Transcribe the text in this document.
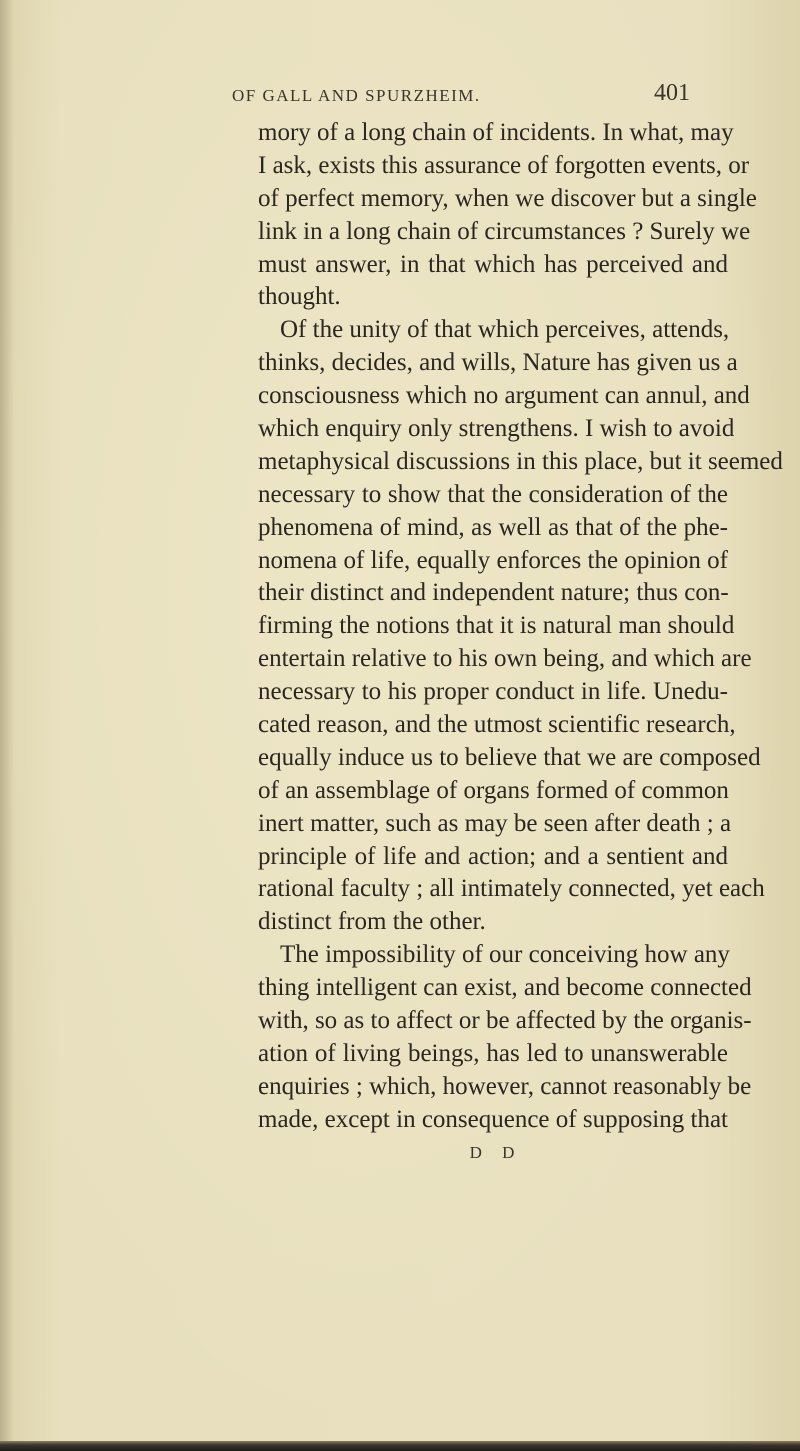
OF GALL AND SPURZHEIM.	401
mory of a long chain of incidents. In what, may
I ask, exists this assurance of forgotten events, or
of perfect memory, when we discover but a single
link in a long chain of circumstances ? Surely we
must answer, in that which has perceived and
thought.
Of the unity of that which perceives, attends,
thinks, decides, and wills, Nature has given us a
consciousness which no argument can annul, and
which enquiry only strengthens. I wish to avoid
metaphysical discussions in this place, but it seemed
necessary to show that the consideration of the
phenomena of mind, as well as that of the phe-
nomena of life, equally enforces the opinion of
their distinct and independent nature; thus con-
firming the notions that it is natural man should
entertain relative to his own being, and which are
necessary to his proper conduct in life. Unedu-
cated reason, and the utmost scientific research,
equally induce us to believe that we are composed
of an assemblage of organs formed of common
inert matter, such as may be seen after death ; a
principle of life and action; and a sentient and
rational faculty ; all intimately connected, yet each
distinct from the other.
The impossibility of our conceiving how any
thing intelligent can exist, and become connected
with, so as to affect or be affected by the organis-
ation of living beings, has led to unanswerable
enquiries ; which, however, cannot reasonably be
made, except in consequence of supposing that
D D
